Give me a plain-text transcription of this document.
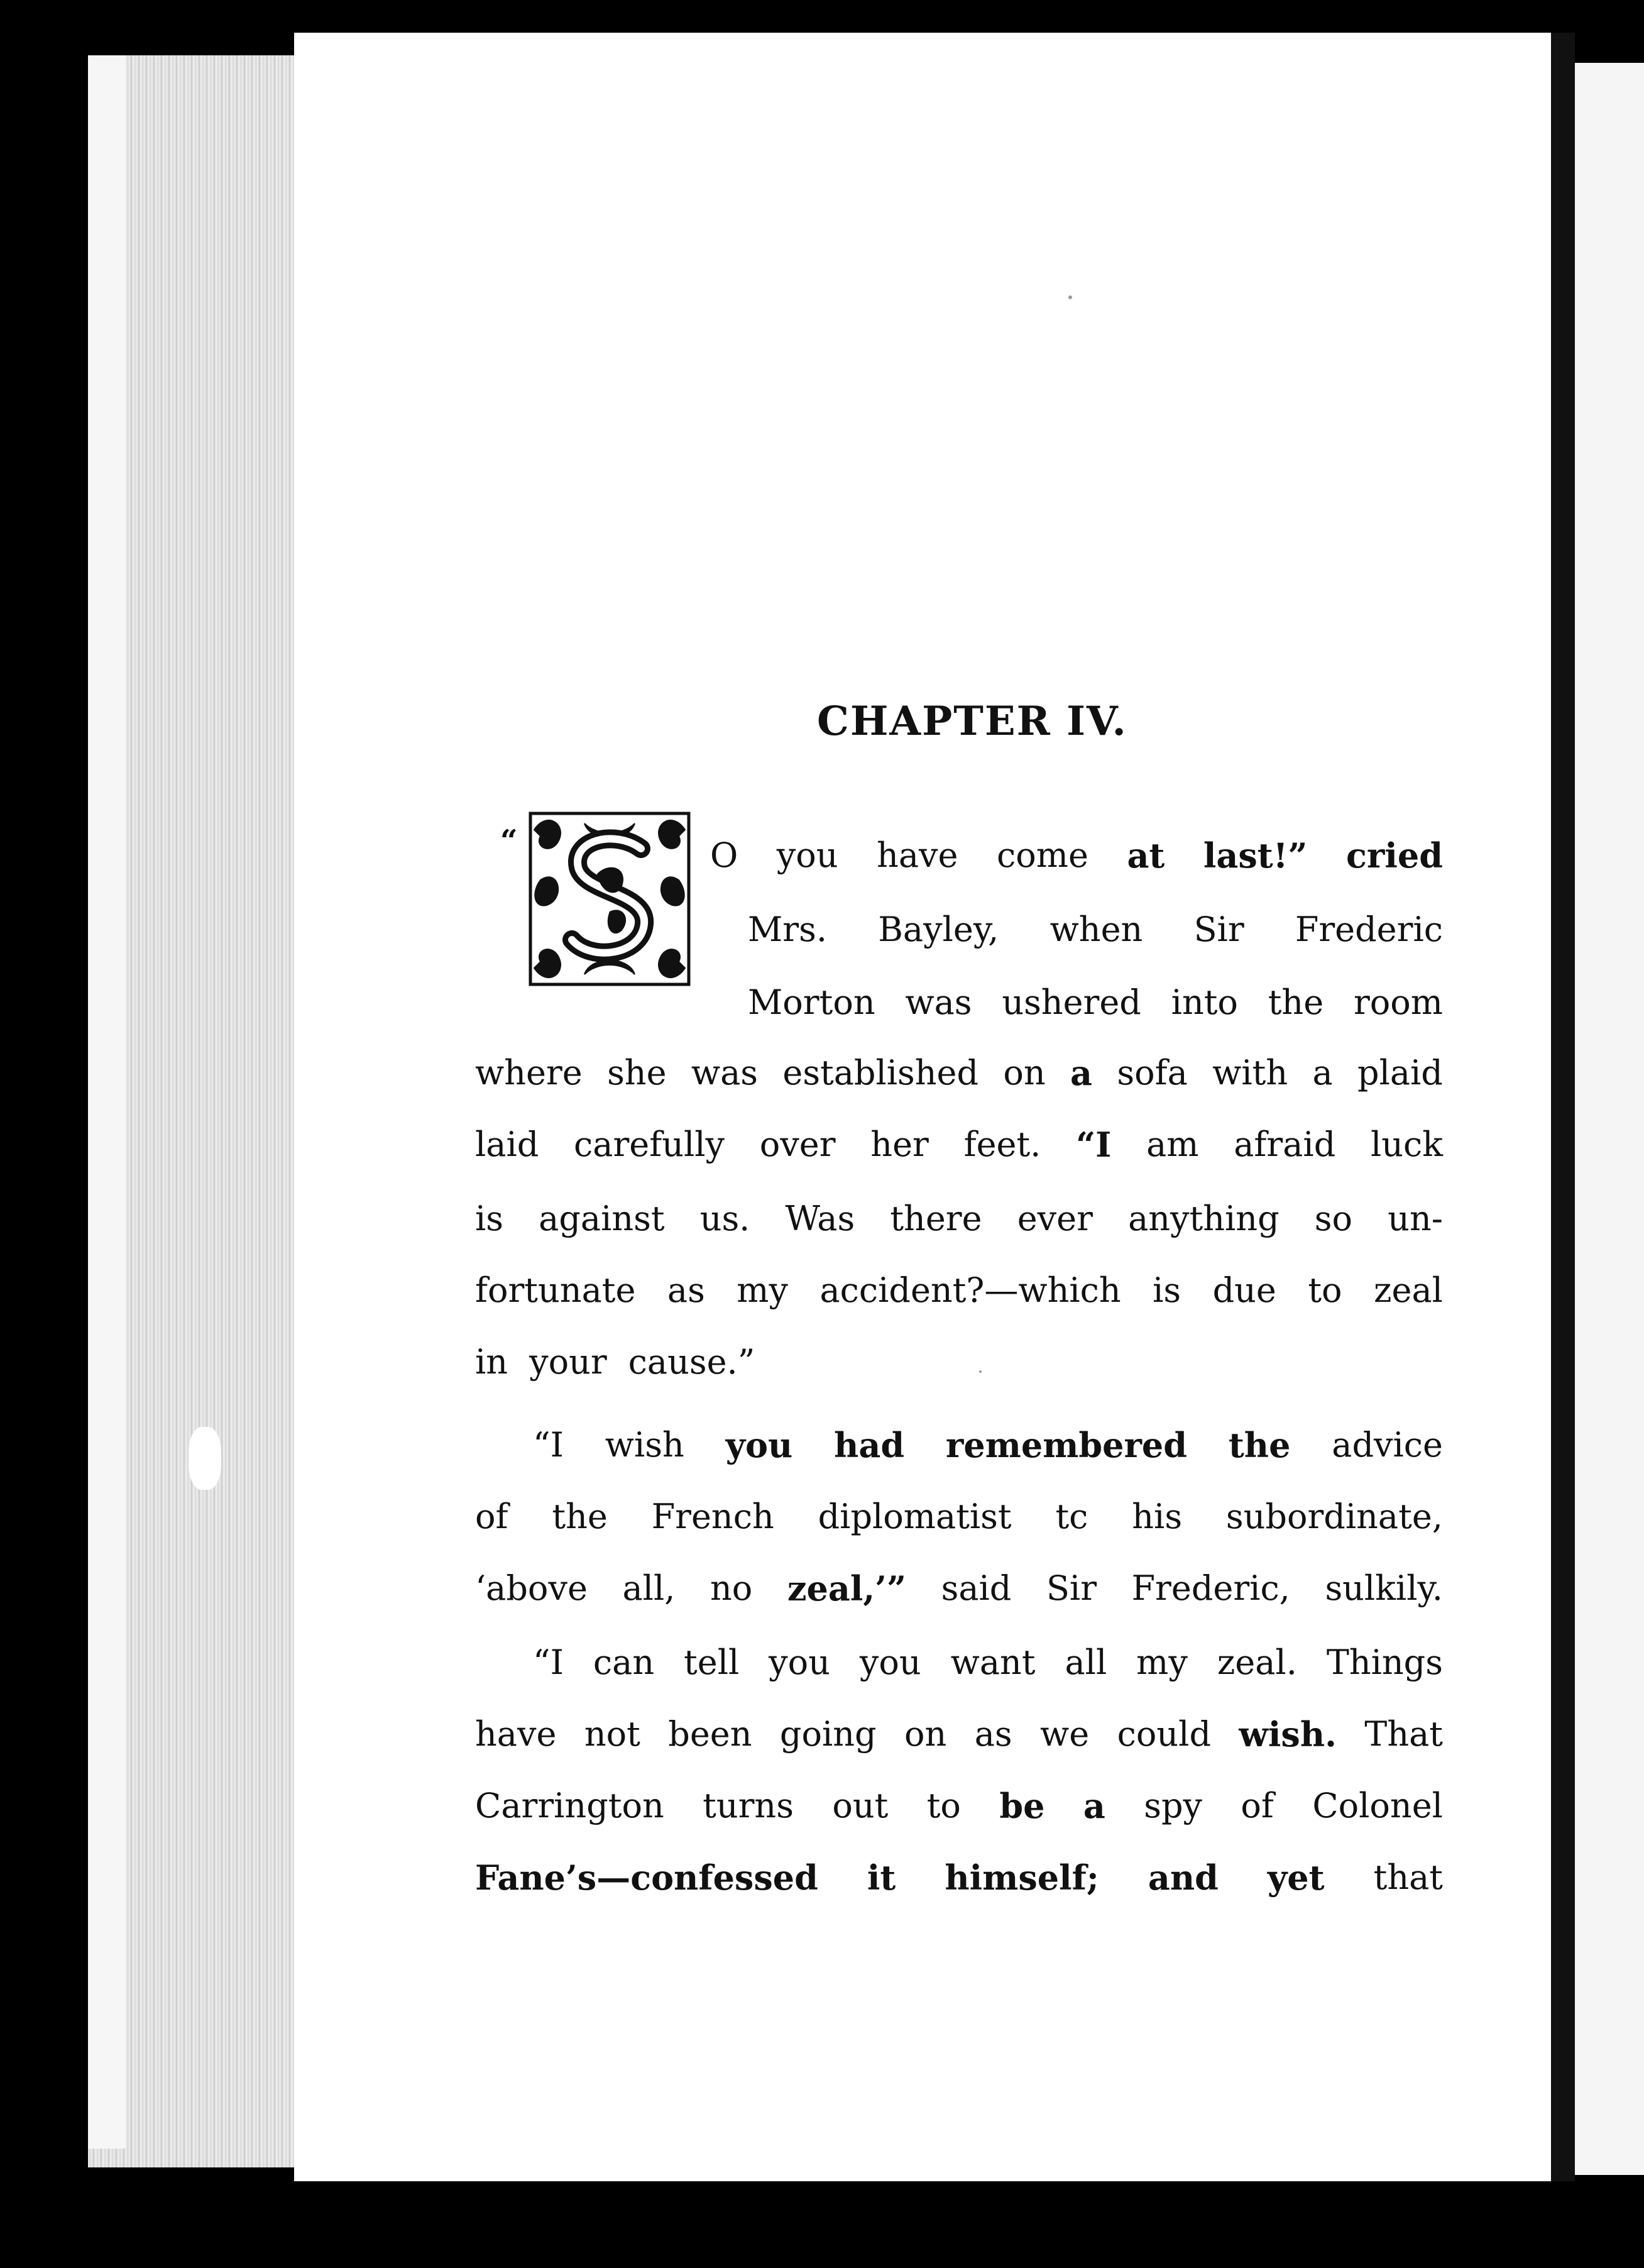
CHAPTER IV.
“	O you have come at last!” cried
Mrs. Bayley, when Sir Frederic
Morton was ushered into the room
where she was established on a sofa with a plaid
laid carefully over her feet. “I am afraid luck
is against us. Was there ever anything so un-
fortunate as my accident?—which is due to zeal
in your cause.”
“I wish you had remembered the advice
of the French diplomatist tc his subordinate,
‘above all, no zeal,’” said Sir Frederic, sulkily.
“I can tell you you want all my zeal. Things
have not been going on as we could wish. That
Carrington turns out to be a spy of Colonel
Fane’s—confessed it himself; and yet that
